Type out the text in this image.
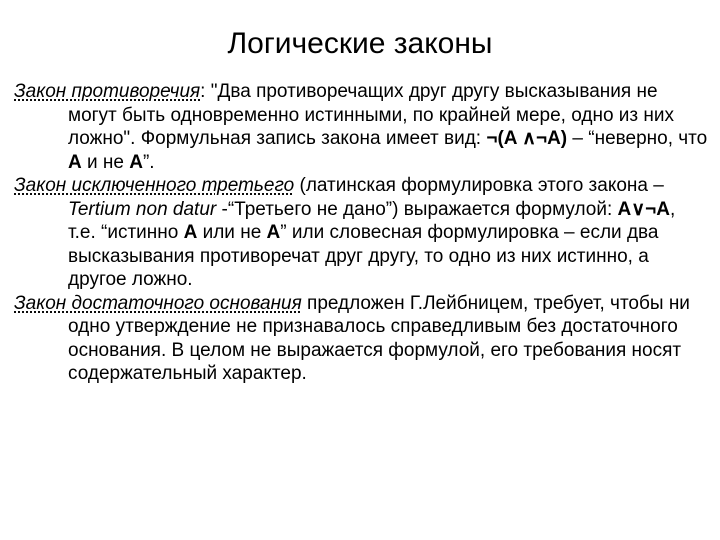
Логические законы

Закон противоречия: "Два противоречащих друг другу высказывания не могут быть одновременно истинными, по крайней мере, одно из них ложно". Формульная запись закона имеет вид: ¬(A ∧¬A) – “неверно, что А и не А”.

Закон исключенного третьего (латинская формулировка этого закона – Tertium non datur -“Третьего не дано”) выражается формулой: A∨¬A, т.е. “истинно А или не А” или словесная формулировка – если два высказывания противоречат друг другу, то одно из них истинно, а другое ложно.

Закон достаточного основания предложен Г.Лейбницем, требует, чтобы ни одно утверждение не признавалось справедливым без достаточного основания. В целом не выражается формулой, его требования носят содержательный характер.
